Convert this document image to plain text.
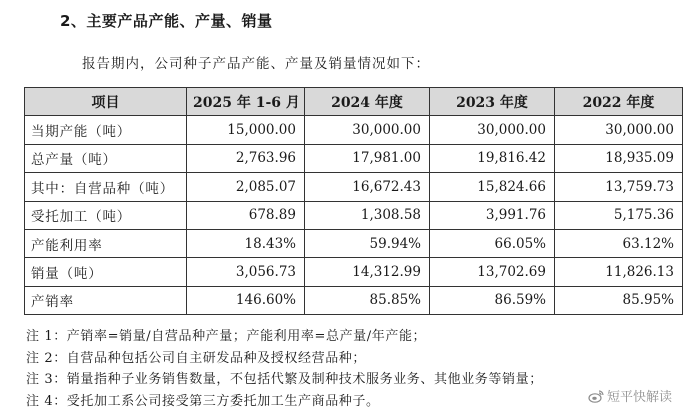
2、主要产品产能、产量、销量
报告期内，公司种子产品产能、产量及销量情况如下：
项目	2025 年 1-6 月	2024 年度	2023 年度	2022 年度
当期产能（吨）	15,000.00	30,000.00	30,000.00	30,000.00
总产量（吨）	2,763.96	17,981.00	19,816.42	18,935.09
其中：自营品种（吨）	2,085.07	16,672.43	15,824.66	13,759.73
受托加工（吨）	678.89	1,308.58	3,991.76	5,175.36
产能利用率	18.43%	59.94%	66.05%	63.12%
销量（吨）	3,056.73	14,312.99	13,702.69	11,826.13
产销率	146.60%	85.85%	86.59%	85.95%
注 1：产销率=销量/自营品种产量；产能利用率=总产量/年产能；
注 2：自营品种包括公司自主研发品种及授权经营品种；
注 3：销量指种子业务销售数量，不包括代繁及制种技术服务业务、其他业务等销量；
注 4：受托加工系公司接受第三方委托加工生产商品种子。	短平快解读
